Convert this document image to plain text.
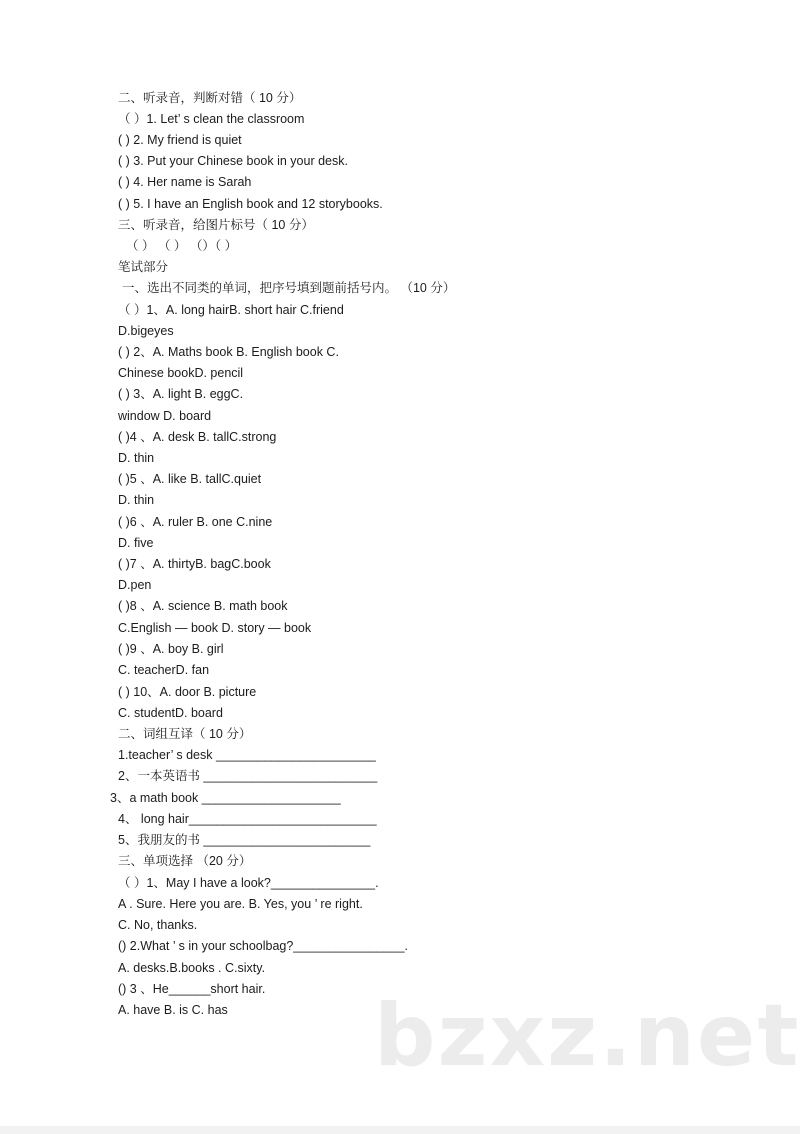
二、听录音，判断对错（ 10 分）
（ ）1. Let’ s clean the classroom
( ) 2. My friend is quiet
( ) 3. Put your Chinese book in your desk.
( ) 4. Her name is Sarah
( ) 5. I have an English book and 12 storybooks.
三、听录音，给图片标号（ 10 分）
（ ） （ ） （）（ ）
笔试部分
一、选出不同类的单词，把序号填到题前括号内。 （10 分）
（ ）1、A. long hairB. short hair C.friend
D.bigeyes
( ) 2、A. Maths book B. English book C.
Chinese bookD. pencil
( ) 3、A. light B. eggC.
window D. board
( )4 、A. desk B. tallC.strong
D. thin
( )5 、A. like B. tallC.quiet
D. thin
( )6 、A. ruler B. one C.nine
D. five
( )7 、A. thirtyB. bagC.book
D.pen
( )8 、A. science B. math book
C.English — book D. story — book
( )9 、A. boy B. girl
C. teacherD. fan
( ) 10、A. door B. picture
C. studentD. board
二、词组互译（ 10 分）
1.teacher’ s desk _______________________
2、一本英语书 _________________________
3、a math book ____________________
4、 long hair___________________________
5、我朋友的书 ________________________
三、单项选择 （20 分）
（ ）1、May I have a look?_______________.
A . Sure. Here you are. B. Yes, you ’ re right.
C. No, thanks.
() 2.What ’ s in your schoolbag?________________.
A. desks.B.books . C.sixty.
() 3 、He______short hair.
A. have B. is C. has bzxz.net
